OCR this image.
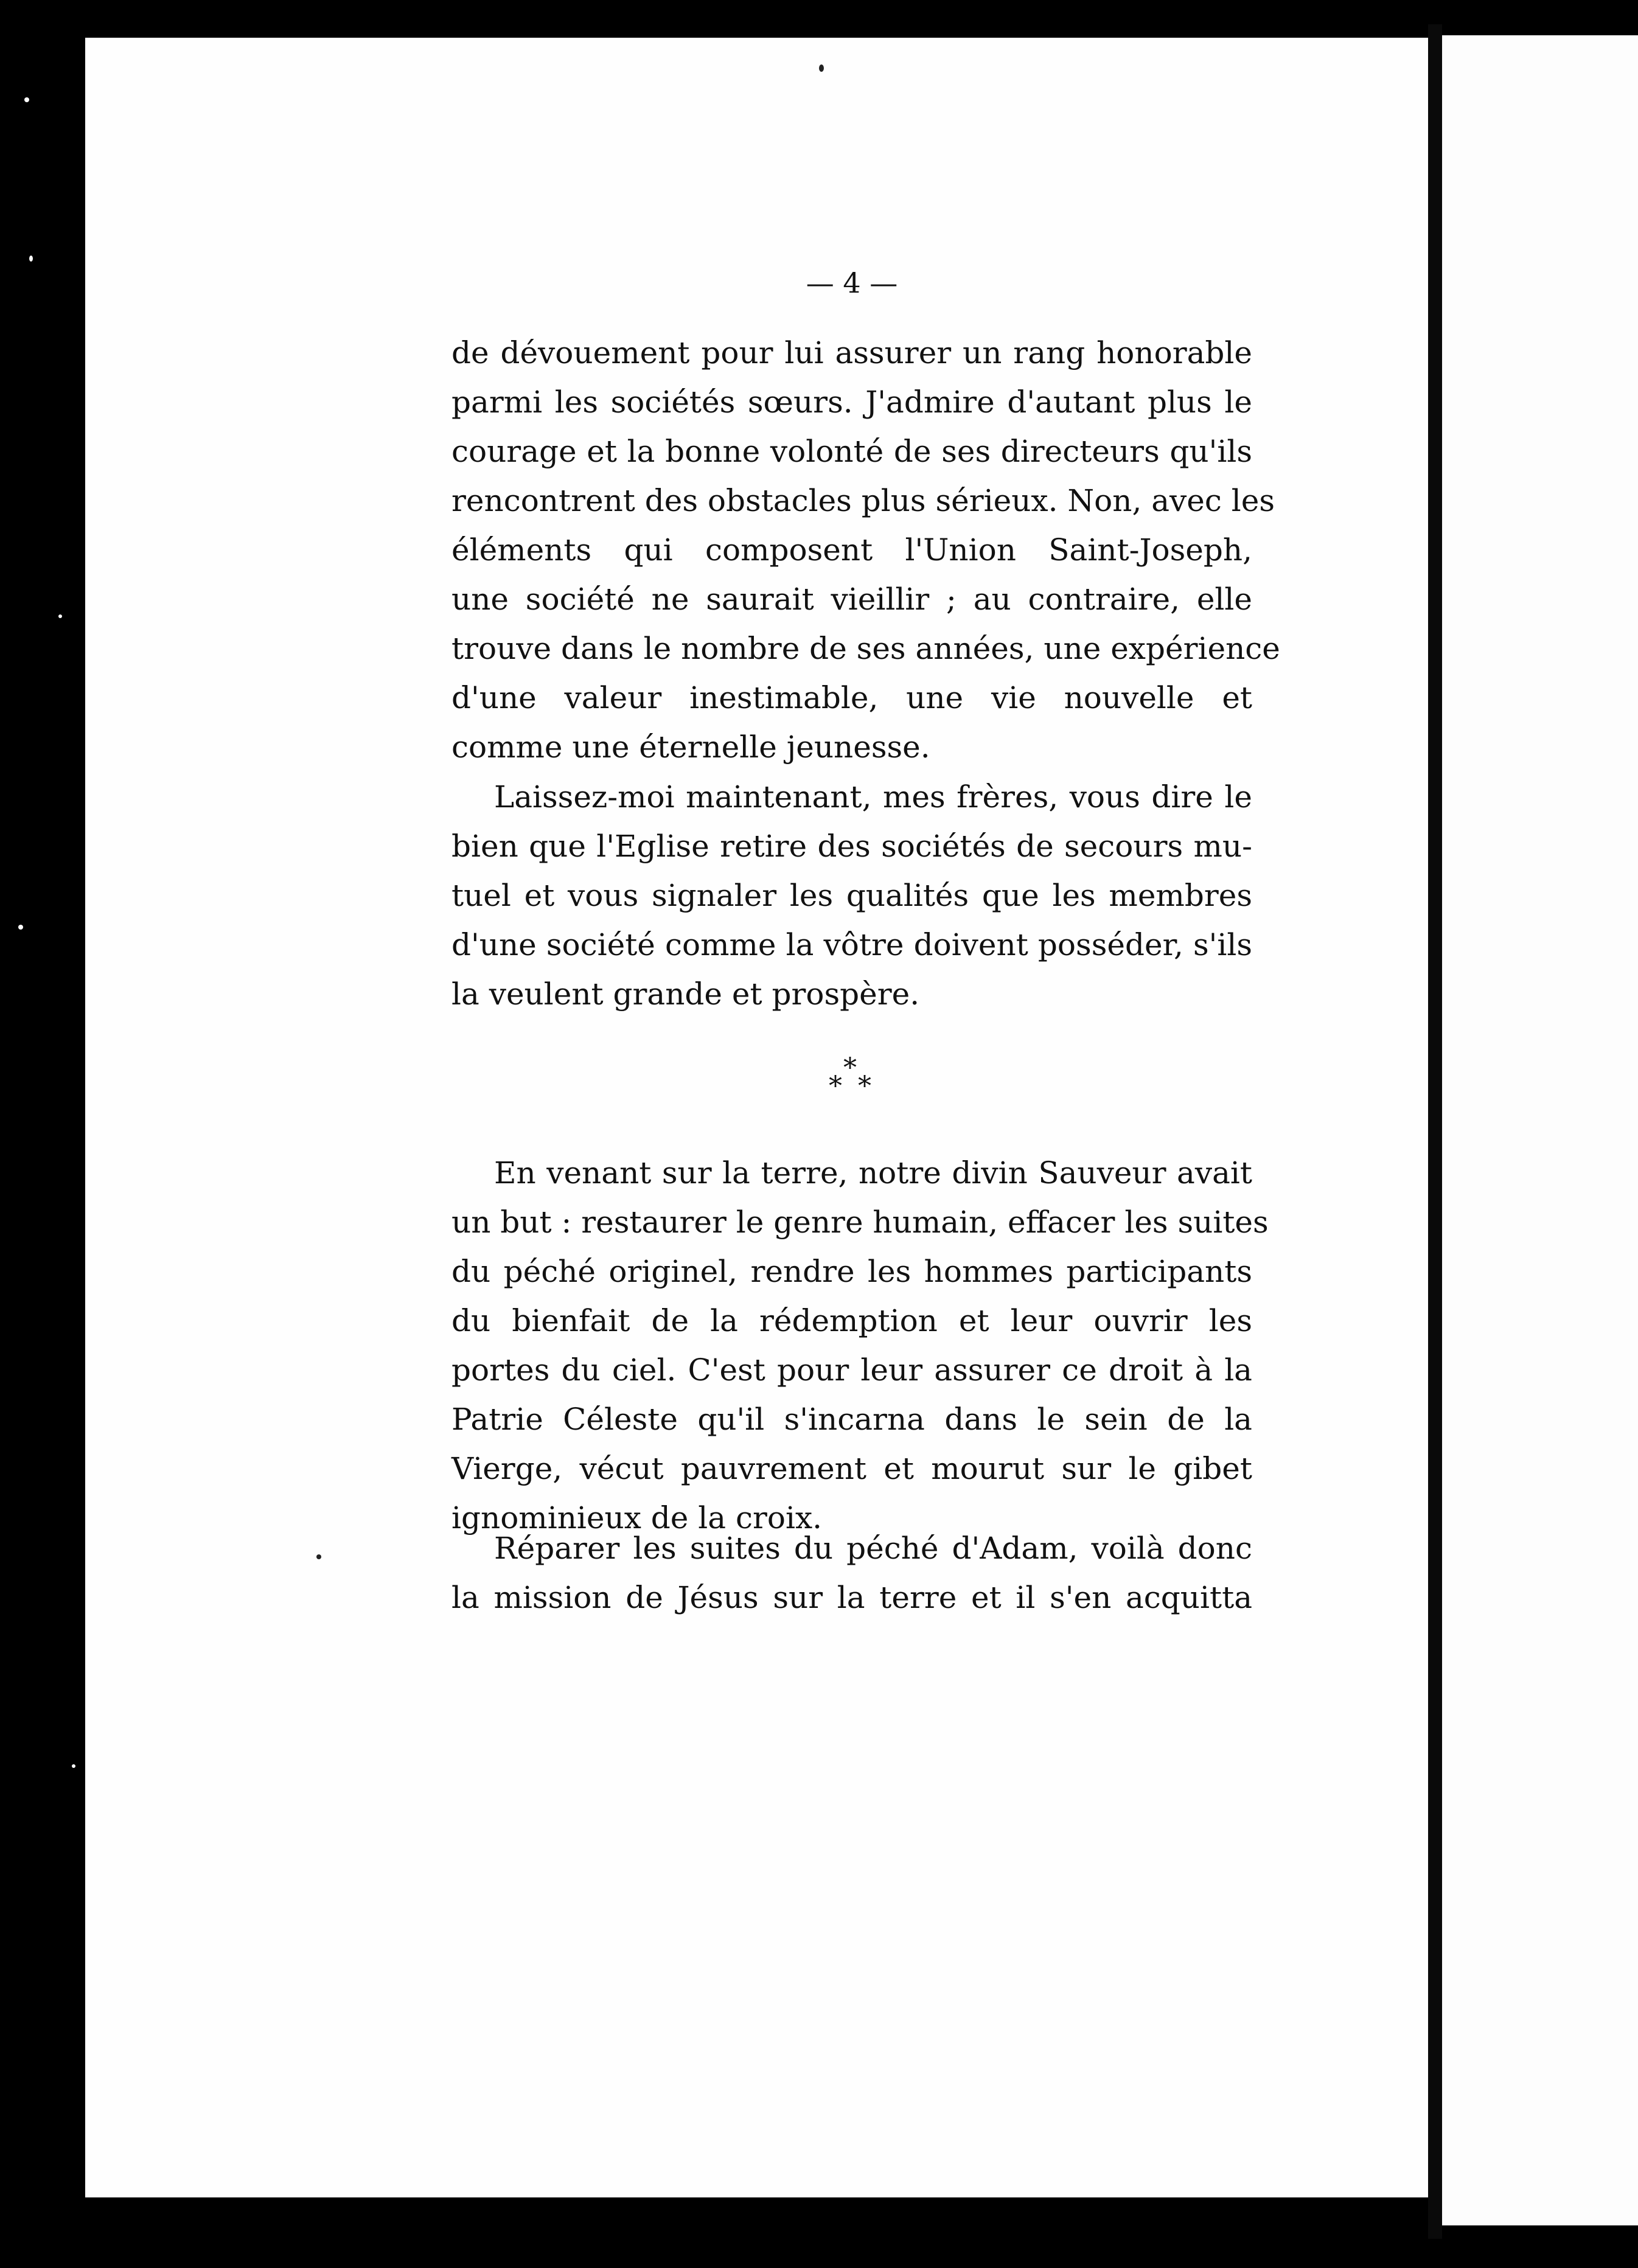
— 4 —
de dévouement pour lui assurer un rang honorable
parmi les sociétés sœurs. J'admire d'autant plus le
courage et la bonne volonté de ses directeurs qu'ils
rencontrent des obstacles plus sérieux. Non, avec les
éléments qui composent l'Union Saint-Joseph,
une société ne saurait vieillir ; au contraire, elle
trouve dans le nombre de ses années, une expérience
d'une valeur inestimable, une vie nouvelle et
comme une éternelle jeunesse.
Laissez-moi maintenant, mes frères, vous dire le
bien que l'Eglise retire des sociétés de secours mu-
tuel et vous signaler les qualités que les membres
d'une société comme la vôtre doivent posséder, s'ils
la veulent grande et prospère.
*
* *
En venant sur la terre, notre divin Sauveur avait
un but : restaurer le genre humain, effacer les suites
du péché originel, rendre les hommes participants
du bienfait de la rédemption et leur ouvrir les
portes du ciel. C'est pour leur assurer ce droit à la
Patrie Céleste qu'il s'incarna dans le sein de la
Vierge, vécut pauvrement et mourut sur le gibet
ignominieux de la croix.
Réparer les suites du péché d'Adam, voilà donc
la mission de Jésus sur la terre et il s'en acquitta
